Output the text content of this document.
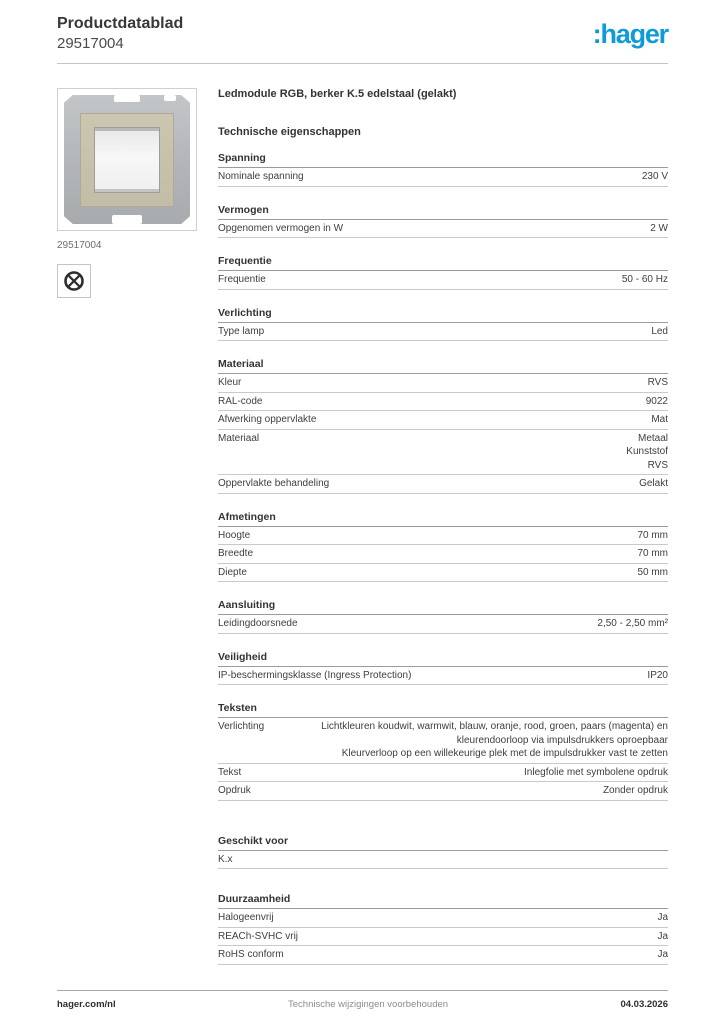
Productdatablad
29517004	:hager
29517004
Ledmodule RGB, berker K.5 edelstaal (gelakt)
Technische eigenschappen
Spanning
Nominale spanning	230 V
Vermogen
Opgenomen vermogen in W	2 W
Frequentie
Frequentie	50 - 60 Hz
Verlichting
Type lamp	Led
Materiaal
Kleur	RVS
RAL-code	9022
Afwerking oppervlakte	Mat
Materiaal	Metaal
Kunststof
RVS
Oppervlakte behandeling	Gelakt
Afmetingen
Hoogte	70 mm
Breedte	70 mm
Diepte	50 mm
Aansluiting
Leidingdoorsnede	2,50 - 2,50 mm²
Veiligheid
IP-beschermingsklasse (Ingress Protection)	IP20
Teksten
Verlichting	Lichtkleuren koudwit, warmwit, blauw, oranje, rood, groen, paars (magenta) en kleurendoorloop via impulsdrukkers oproepbaar
Kleurverloop op een willekeurige plek met de impulsdrukker vast te zetten
Tekst	Inlegfolie met symbolene opdruk
Opdruk	Zonder opdruk
Geschikt voor
K.x
Duurzaamheid
Halogeenvrij	Ja
REACh-SVHC vrij	Ja
RoHS conform	Ja
hager.com/nl	Technische wijzigingen voorbehouden	04.03.2026
